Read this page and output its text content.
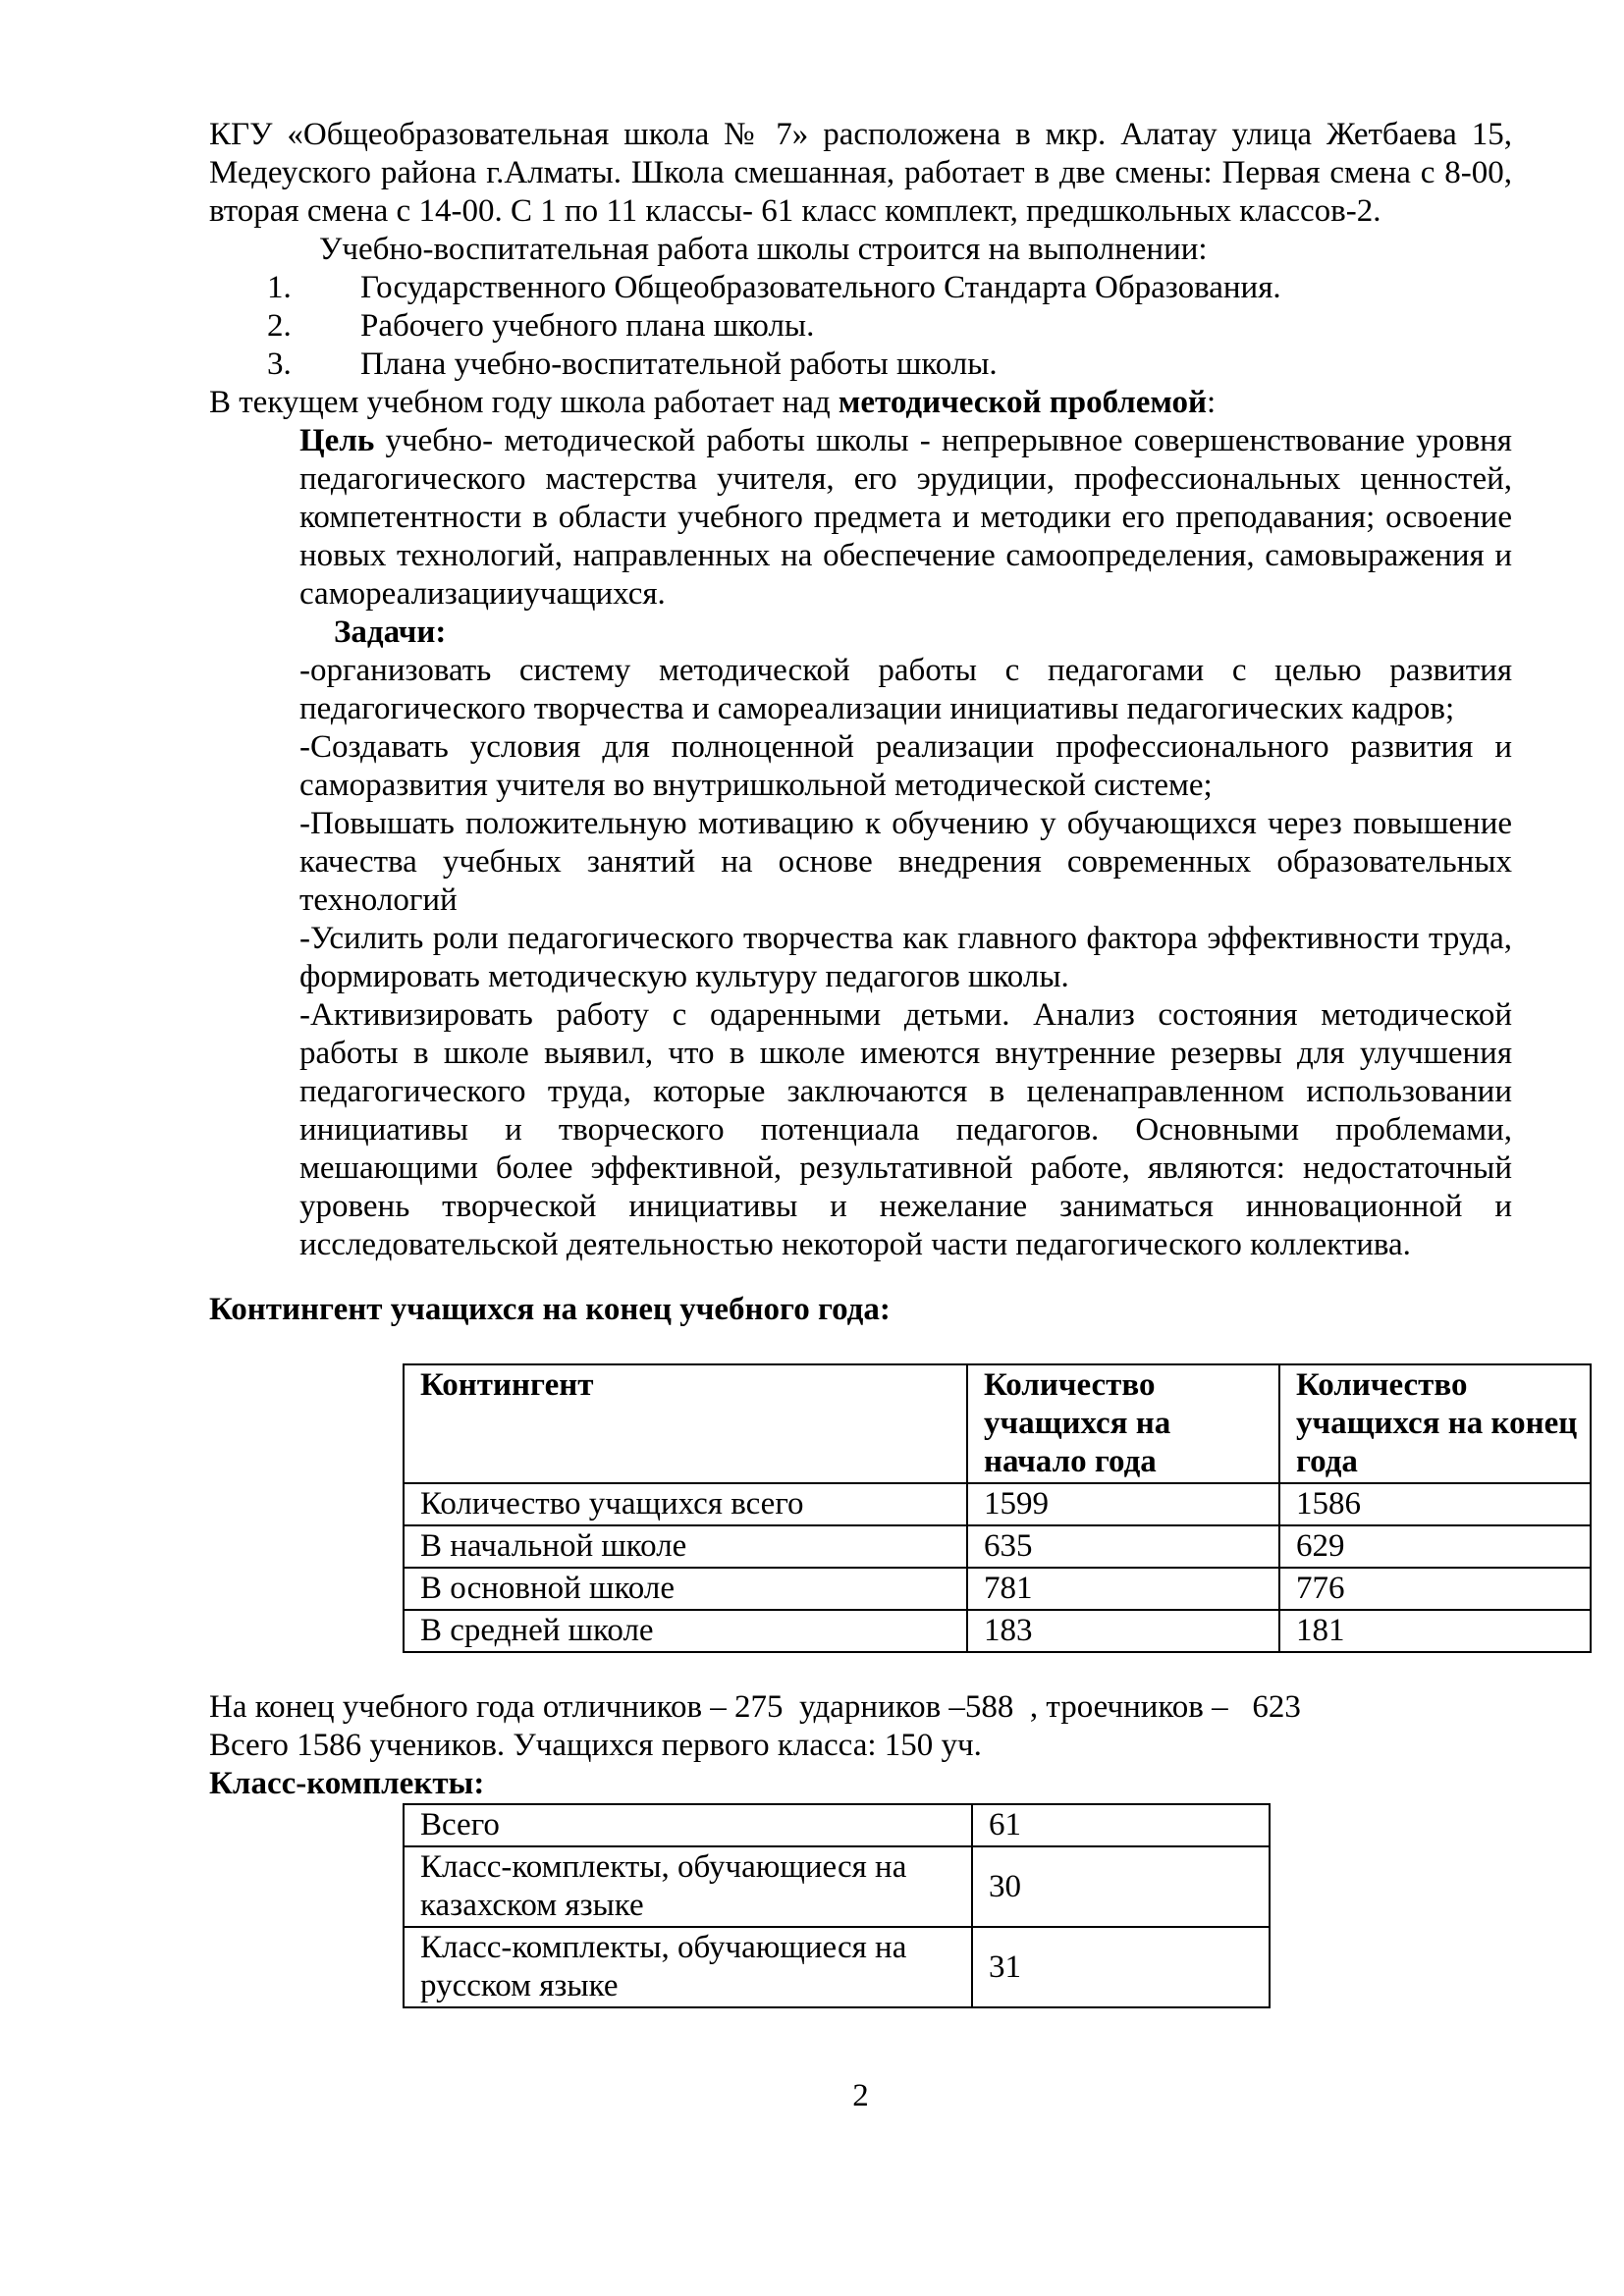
КГУ «Общеобразовательная школа № 7» расположена в мкр. Алатау улица Жетбаева 15, Медеуского района г.Алматы. Школа смешанная, работает в две смены: Первая смена с 8-00, вторая смена с 14-00. С 1 по 11 классы- 61 класс комплект, предшкольных классов-2.

Учебно-воспитательная работа школы строится на выполнении:

1.	Государственного Общеобразовательного Стандарта Образования.
2.	Рабочего учебного плана школы.
3.	Плана учебно-воспитательной работы школы.

В текущем учебном году школа работает над методической проблемой:

Цель учебно- методической работы школы - непрерывное совершенствование уровня педагогического мастерства учителя, его эрудиции, профессиональных ценностей, компетентности в области учебного предмета и методики его преподавания; освоение новых технологий, направленных на обеспечение самоопределения, самовыражения и самореализацииучащихся.

Задачи:

-организовать систему методической работы с педагогами с целью развития педагогического творчества и самореализации инициативы педагогических кадров;

-Создавать условия для полноценной реализации профессионального развития и саморазвития учителя во внутришкольной методической системе;

-Повышать положительную мотивацию к обучению у обучающихся через повышение качества учебных занятий на основе внедрения современных образовательных технологий

-Усилить роли педагогического творчества как главного фактора эффективности труда, формировать методическую культуру педагогов школы.

-Активизировать работу с одаренными детьми. Анализ состояния методической работы в школе выявил, что в школе имеются внутренние резервы для улучшения педагогического труда, которые заключаются в целенаправленном использовании инициативы и творческого потенциала педагогов. Основными проблемами, мешающими более эффективной, результативной работе, являются: недостаточный уровень творческой инициативы и нежелание заниматься инновационной и исследовательской деятельностью некоторой части педагогического коллектива.

Контингент учащихся на конец учебного года:

Контингент	Количество учащихся на начало года	Количество учащихся на конец года
Количество учащихся всего	1599	1586
В начальной школе	635	629
В основной школе	781	776
В средней школе	183	181

На конец учебного года отличников – 275  ударников –588  , троечников –   623

Всего 1586 учеников. Учащихся первого класса: 150 уч.

Класс-комплекты:

Всего	61
Класс-комплекты, обучающиеся на казахском языке	30
Класс-комплекты, обучающиеся на русском языке	31

2
